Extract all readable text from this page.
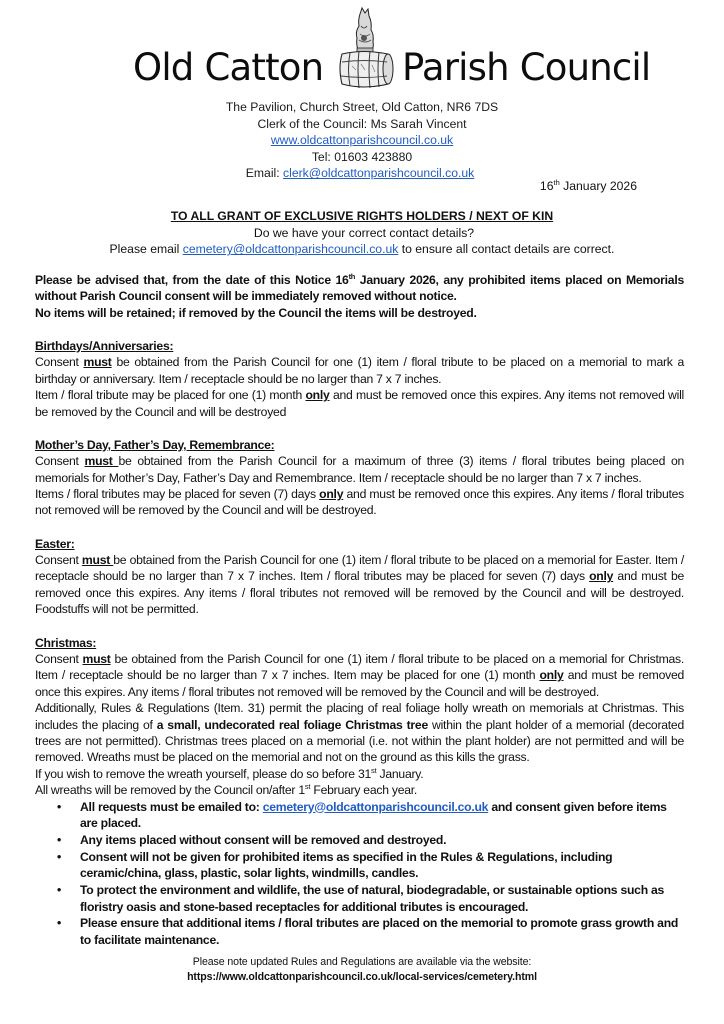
Old Catton Parish Council
The Pavilion, Church Street, Old Catton, NR6 7DS
Clerk of the Council: Ms Sarah Vincent
www.oldcattonparishcouncil.co.uk
Tel: 01603 423880
Email: clerk@oldcattonparishcouncil.co.uk
16th January 2026
TO ALL GRANT OF EXCLUSIVE RIGHTS HOLDERS / NEXT OF KIN
Do we have your correct contact details?
Please email cemetery@oldcattonparishcouncil.co.uk to ensure all contact details are correct.

Please be advised that, from the date of this Notice 16th January 2026, any prohibited items placed on Memorials without Parish Council consent will be immediately removed without notice.

No items will be retained; if removed by the Council the items will be destroyed.

Birthdays/Anniversaries:

Consent must be obtained from the Parish Council for one (1) item / floral tribute to be placed on a memorial to mark a birthday or anniversary. Item / receptacle should be no larger than 7 x 7 inches.

Item / floral tribute may be placed for one (1) month only and must be removed once this expires. Any items not removed will be removed by the Council and will be destroyed

Mother’s Day, Father’s Day, Remembrance:

Consent must be obtained from the Parish Council for a maximum of three (3) items / floral tributes being placed on memorials for Mother’s Day, Father’s Day and Remembrance. Item / receptacle should be no larger than 7 x 7 inches.

Items / floral tributes may be placed for seven (7) days only and must be removed once this expires. Any items / floral tributes not removed will be removed by the Council and will be destroyed.

Easter:

Consent must be obtained from the Parish Council for one (1) item / floral tribute to be placed on a memorial for Easter. Item / receptacle should be no larger than 7 x 7 inches. Item / floral tributes may be placed for seven (7) days only and must be removed once this expires. Any items / floral tributes not removed will be removed by the Council and will be destroyed. Foodstuffs will not be permitted.

Christmas:

Consent must be obtained from the Parish Council for one (1) item / floral tribute to be placed on a memorial for Christmas. Item / receptacle should be no larger than 7 x 7 inches. Item may be placed for one (1) month only and must be removed once this expires. Any items / floral tributes not removed will be removed by the Council and will be destroyed.

Additionally, Rules & Regulations (Item. 31) permit the placing of real foliage holly wreath on memorials at Christmas. This includes the placing of a small, undecorated real foliage Christmas tree within the plant holder of a memorial (decorated trees are not permitted). Christmas trees placed on a memorial (i.e. not within the plant holder) are not permitted and will be removed. Wreaths must be placed on the memorial and not on the ground as this kills the grass.

If you wish to remove the wreath yourself, please do so before 31st January.

All wreaths will be removed by the Council on/after 1st February each year.

• All requests must be emailed to: cemetery@oldcattonparishcouncil.co.uk and consent given before items are placed.
• Any items placed without consent will be removed and destroyed.
• Consent will not be given for prohibited items as specified in the Rules & Regulations, including ceramic/china, glass, plastic, solar lights, windmills, candles.
• To protect the environment and wildlife, the use of natural, biodegradable, or sustainable options such as floristry oasis and stone-based receptacles for additional tributes is encouraged.
• Please ensure that additional items / floral tributes are placed on the memorial to promote grass growth and to facilitate maintenance.
Please note updated Rules and Regulations are available via the website:
https://www.oldcattonparishcouncil.co.uk/local-services/cemetery.html
